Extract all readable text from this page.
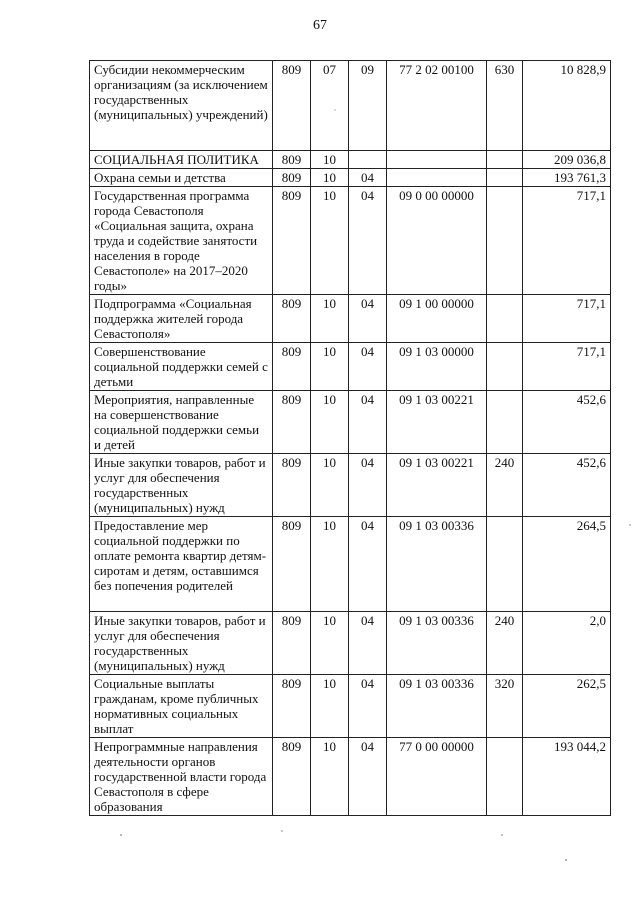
67
Субсидии некоммерческим организациям (за исключением государственных (муниципальных) учреждений)	809	07	09	77 2 02 00100	630	10 828,9
СОЦИАЛЬНАЯ ПОЛИТИКА	809	10				209 036,8
Охрана семьи и детства	809	10	04			193 761,3
Государственная программа города Севастополя «Социальная защита, охрана труда и содействие занятости населения в городе Севастополе» на 2017–2020 годы»	809	10	04	09 0 00 00000		717,1
Подпрограмма «Социальная поддержка жителей города Севастополя»	809	10	04	09 1 00 00000		717,1
Совершенствование социальной поддержки семей с детьми	809	10	04	09 1 03 00000		717,1
Мероприятия, направленные на совершенствование социальной поддержки семьи и детей	809	10	04	09 1 03 00221		452,6
Иные закупки товаров, работ и услуг для обеспечения государственных (муниципальных) нужд	809	10	04	09 1 03 00221	240	452,6
Предоставление мер социальной поддержки по оплате ремонта квартир детям-сиротам и детям, оставшимся без попечения родителей	809	10	04	09 1 03 00336		264,5
Иные закупки товаров, работ и услуг для обеспечения государственных (муниципальных) нужд	809	10	04	09 1 03 00336	240	2,0
Социальные выплаты гражданам, кроме публичных нормативных социальных выплат	809	10	04	09 1 03 00336	320	262,5
Непрограммные направления деятельности органов государственной власти города Севастополя в сфере образования	809	10	04	77 0 00 00000		193 044,2
